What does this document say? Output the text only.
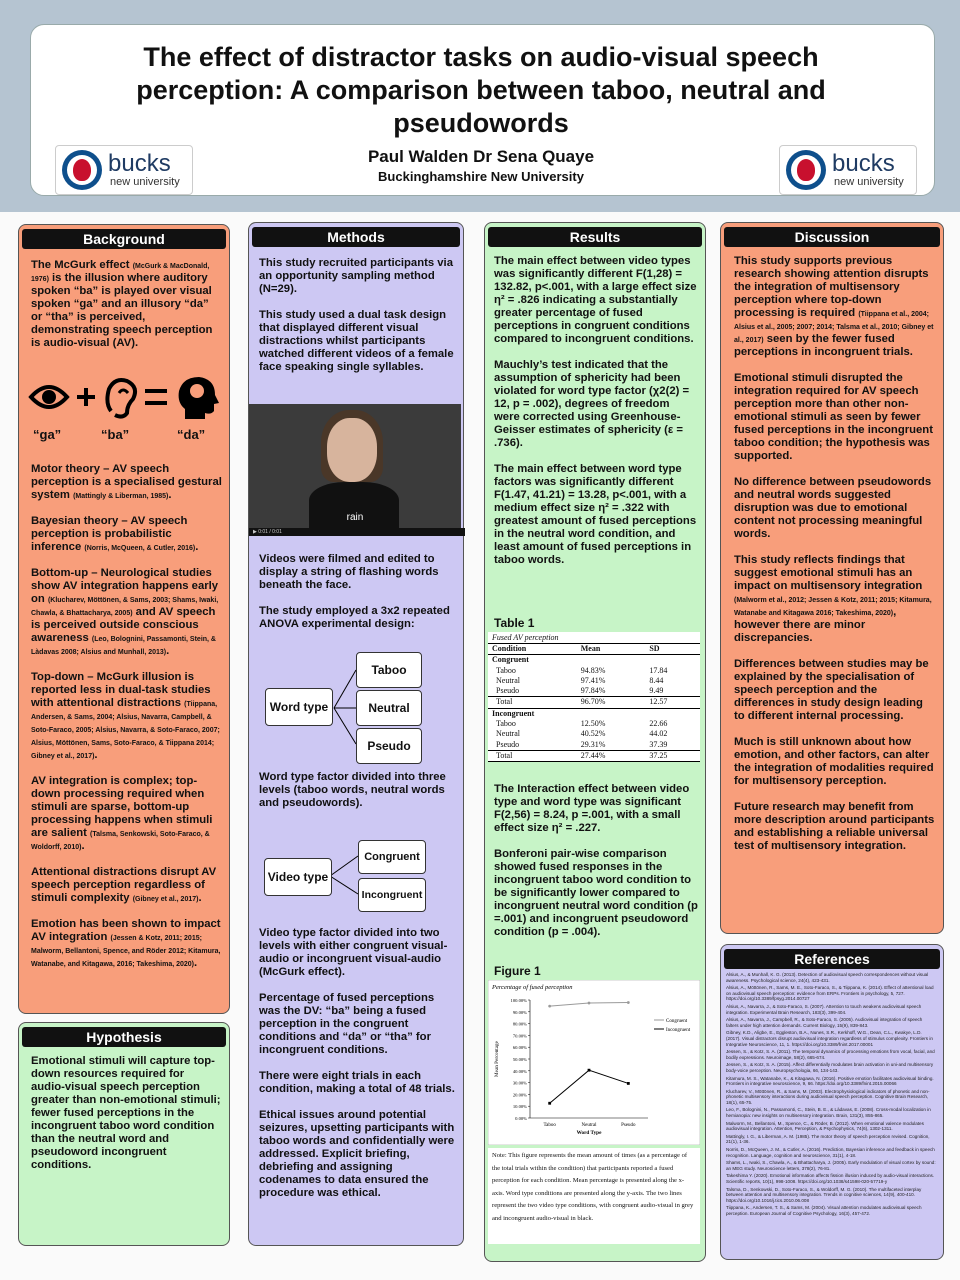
The effect of distractor tasks on audio-visual speech perception: A comparison between taboo, neutral and pseudowords
Paul Walden Dr Sena Quaye
Buckinghamshire New University
bucks
new university
bucks
new university
Background

The McGurk effect (McGurk & MacDonald, 1976) is the illusion where auditory spoken “ba” is played over visual spoken “ga” and an illusory “da” or “tha” is perceived, demonstrating speech perception is audio-visual (AV).

“ga”	“ba”	“da”

Motor theory – AV speech perception is a specialised gestural system (Mattingly & Liberman, 1985).

Bayesian theory – AV speech perception is probabilistic inference (Norris, McQueen, & Cutler, 2016).

Bottom-up – Neurological studies show AV integration happens early on (Klucharev, Möttönen, & Sams, 2003; Shams, Iwaki, Chawla, & Bhattacharya, 2005) and AV speech is perceived outside conscious awareness (Leo, Bolognini, Passamonti, Stein, & Làdavas 2008; Alsius and Munhall, 2013).

Top-down – McGurk illusion is reported less in dual-task studies with attentional distractions (Tiippana, Andersen, & Sams, 2004; Alsius, Navarra, Campbell, & Soto-Faraco, 2005; Alsius, Navarra, & Soto-Faraco, 2007; Alsius, Möttönen, Sams, Soto-Faraco, & Tiippana 2014; Gibney et al., 2017).

AV integration is complex; top-down processing required when stimuli are sparse, bottom-up processing happens when stimuli are salient (Talsma, Senkowski, Soto-Faraco, & Woldorff, 2010).

Attentional distractions disrupt AV speech perception regardless of stimuli complexity (Gibney et al., 2017).

Emotion has been shown to impact AV integration (Jessen & Kotz, 2011; 2015; Malworm, Bellantoni, Spence, and Röder 2012; Kitamura, Watanabe, and Kitagawa, 2016; Takeshima, 2020).

Hypothesis
Emotional stimuli will capture top-down resources required for audio-visual speech perception greater than non-emotional stimuli; fewer fused perceptions in the incongruent taboo word condition than the neutral word and pseudoword incongruent conditions.
Methods

This study recruited participants via an opportunity sampling method (N=29).

This study used a dual task design that displayed different visual distractions whilst participants watched different videos of a female face speaking single syllables.

Videos were filmed and edited to display a string of flashing words beneath the face.

The study employed a 3x2 repeated ANOVA experimental design:

Word type factor divided into three levels (taboo words, neutral words and pseudowords).

Video type factor divided into two levels with either congruent visual-audio or incongruent visual-audio (McGurk effect).

Percentage of fused perceptions was the DV: “ba” being a fused perception in the congruent conditions and “da” or “tha” for incongruent conditions.

There were eight trials in each condition, making a total of 48 trials.

Ethical issues around potential seizures, upsetting participants with taboo words and confidentially were addressed. Explicit briefing, debriefing and assigning codenames to data ensured the procedure was ethical.

rain
▶ 0:01 / 0:01
Word type
Taboo
Neutral
Pseudo
Video type
Congruent
Incongruent
Results

The main effect between video types was significantly different F(1,28) = 132.82, p<.001, with a large effect size η² = .826 indicating a substantially greater percentage of fused perceptions in congruent conditions compared to incongruent conditions.

Mauchly’s test indicated that the assumption of sphericity had been violated for word type factor (χ2(2) = 12, p = .002), degrees of freedom were corrected using Greenhouse-Geisser estimates of sphericity (ε = .736).

The main effect between word type factors was significantly different F(1.47, 41.21) = 13.28, p<.001, with a medium effect size η² = .322 with greatest amount of fused perceptions in the neutral word condition, and least amount of fused perceptions in taboo words.

Table 1

The Interaction effect between video type and word type was significant F(2,56) = 8.24, p =.001, with a small effect size η² = .227.

Bonferoni pair-wise comparison showed fused responses in the incongruent taboo word condition to be significantly lower compared to incongruent neutral word condition (p =.001) and incongruent pseudoword condition (p = .004).

Figure 1
Fused AV perception
Condition	Mean	SD
Congruent		
Taboo	94.83%	17.84
Neutral	97.41%	8.44
Pseudo	97.84%	9.49
Total	96.70%	12.57
Incongruent		
Taboo	12.50%	22.66
Neutral	40.52%	44.02
Pseudo	29.31%	37.39
Total	27.44%	37.25
Percentage of fused perception
0.00%
10.00%
20.00%
30.00%
40.00%
50.00%
60.00%
70.00%
80.00%
90.00%
100.00%
Taboo	Neutral	Pseudo
Word Type
Mean Percentage
Congruent
Incongruent
Note: This figure represents the mean amount of times (as a percentage of the total trials within the condition) that participants reported a fused perception for each condition. Mean percentage is presented along the x-axis. Word type conditions are presented along the y-axis. The two lines represent the two video type conditions, with congruent audio-visual in grey and incongruent audio-visual in black.
Discussion

This study supports previous research showing attention disrupts the integration of multisensory perception where top-down processing is required (Tiippana et al., 2004; Alsius et al., 2005; 2007; 2014; Talsma et al., 2010; Gibney et al., 2017) seen by the fewer fused perceptions in incongruent trials.

Emotional stimuli disrupted the integration required for AV speech perception more than other non-emotional stimuli as seen by fewer fused perceptions in the incongruent taboo condition; the hypothesis was supported.

No difference between pseudowords and neutral words suggested disruption was due to emotional content not processing meaningful words.

This study reflects findings that suggest emotional stimuli has an impact on multisensory integration (Malworm et al., 2012; Jessen & Kotz, 2011; 2015; Kitamura, Watanabe and Kitagawa 2016; Takeshima, 2020), however there are minor discrepancies.

Differences between studies may be explained by the specialisation of speech perception and the differences in study design leading to different internal processing.

Much is still unknown about how emotion, and other factors, can alter the integration of modalities required for multisensory perception.

Future research may benefit from more description around participants and establishing a reliable universal test of multisensory integration.

References
Alsius, A., & Munhall, K. G. (2013). Detection of audiovisual speech correspondences without visual awareness. Psychological science, 24(4), 423-431.
Alsius, A., Möttönen, R., Sams, M. E., Soto-Faraco, S., & Tiippana, K. (2014). Effect of attentional load on audiovisual speech perception: evidence from ERPs. Frontiers in psychology, 5, 727. https://doi.org/10.3389/fpsyg.2014.00727
Alsius, A., Navarra, J., & Soto-Faraco, S. (2007). Attention to touch weakens audiovisual speech integration. Experimental Brain Research, 183(3), 399-404.
Alsius, A., Navarra, J., Campbell, R., & Soto-Faraco, S. (2005). Audiovisual integration of speech falters under high attention demands. Current Biology, 15(9), 839-843.
Gibney, K.D., Aligbe, E., Eggleston, B.A., Nunes, S.R., Kerkhoff, W.G., Dean, C.L., Kwakye, L.D. (2017). Visual distractors disrupt audiovisual integration regardless of stimulus complexity. Frontiers in Integrative Neuroscience, 11, 1. https://doi.org/10.3389/fnint.2017.00001
Jessen, S., & Kotz, S. A. (2011). The temporal dynamics of processing emotions from vocal, facial, and bodily expressions. Neuroimage, 58(2), 665-674.
Jessen, S., & Kotz, S. A. (2015). Affect differentially modulates brain activation in uni-and multisensory body-voice perception. Neuropsychologia, 66, 134-143.
Kitamura, M. S., Watanabe, K., & Kitagawa, N. (2016). Positive emotion facilitates audiovisual binding. Frontiers in integrative neuroscience, 9, 66. https://doi.org/10.3389/fnint.2015.00066
Klucharev, V., Möttönen, R., & Sams, M. (2003). Electrophysiological indicators of phonetic and non-phonetic multisensory interactions during audiovisual speech perception. Cognitive Brain Research, 18(1), 65-75.
Leo, F., Bolognini, N., Passamonti, C., Stein, B. E., & Làdavas, E. (2008). Cross-modal localization in hemianopia: new insights on multisensory integration. Brain, 131(3), 855-865.
Malworm, M., Bellantoni, M., Spence, C., & Röder, B. (2012). When emotional valence modulates audiovisual integration. Attention, Perception, & Psychophysics, 74(6), 1302-1311.
Mattingly, I. G., & Liberman, A. M. (1985). The motor theory of speech perception revised. Cognition, 21(1), 1-36.
Norris, D., McQueen, J. M., & Cutler, A. (2016). Prediction, Bayesian inference and feedback in speech recognition. Language, cognition and neuroscience, 31(1), 4-18.
Shams, L., Iwaki, S., Chawla, A., & Bhattacharya, J. (2005). Early modulation of visual cortex by sound: an MEG study. Neuroscience letters, 378(2), 76-81.
Takeshima Y. (2020). Emotional information affects fission illusion induced by audio-visual interactions. Scientific reports, 10(1), 998-1008. https://doi.org/10.1038/s41598-020-57719-y
Talsma, D., Senkowski, D., Soto-Faraco, S., & Woldorff, M. G. (2010). The multifaceted interplay between attention and multisensory integration. Trends in cognitive sciences, 14(9), 400-410. https://doi.org/10.1016/j.tics.2010.06.008
Tiippana, K., Andersen, T. S., & Sams, M. (2004). Visual attention modulates audiovisual speech perception. European Journal of Cognitive Psychology, 16(3), 457-472.
